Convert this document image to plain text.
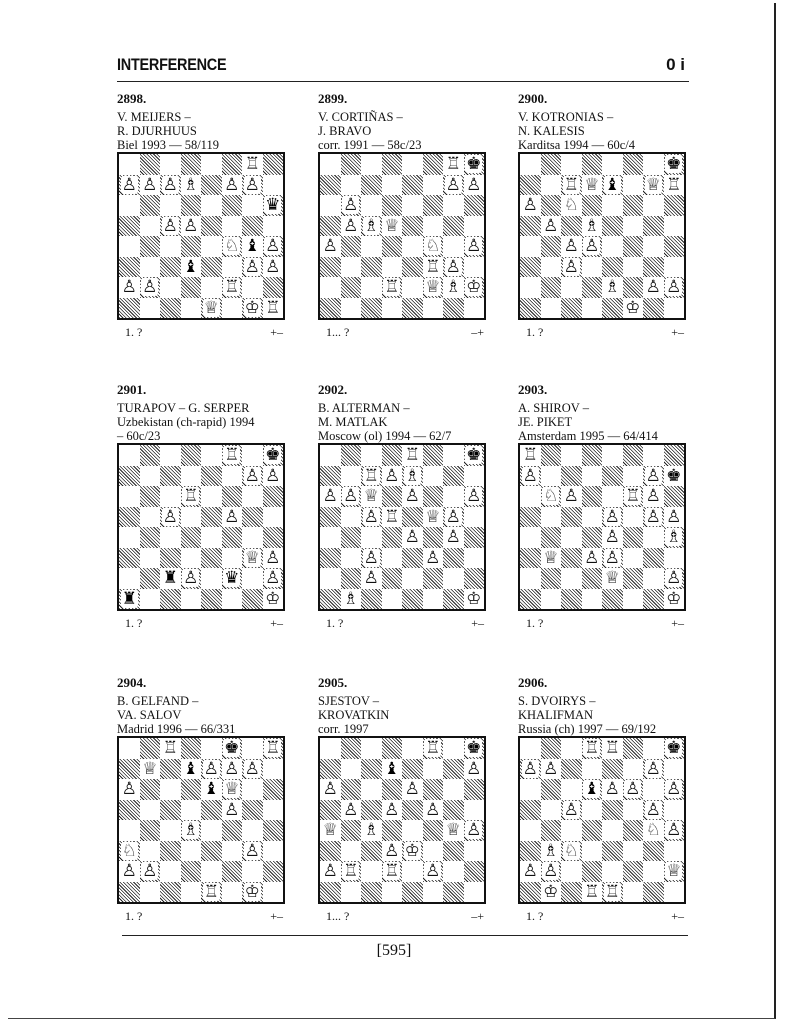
INTERFERENCE	0 i
2898.
V. MEIJERS –
R. DJURHUUS
Biel 1993 — 58/119
♖
♙ ♙ ♙ ♗ ♙ ♙
♛
♙ ♙
♘ ♝ ♙
♝	♙ ♙
♙ ♙	♖
♕ ♔ ♖
1. ?	+–
2899.
V. CORTIÑAS –
J. BRAVO
corr. 1991 — 58c/23
♖ ♚
♙ ♙
♙
♙ ♗ ♕
♙	♘ ♙
♖ ♙
♖ ♕ ♗ ♔
1... ?	–+
2900.
V. KOTRONIAS –
N. KALESIS
Karditsa 1994 — 60c/4
♚
♖ ♕ ♝ ♕ ♖
♙ ♘
♙ ♗
♙ ♙
♙
♗ ♙ ♙
♔
1. ?	+–
2901.
TURAPOV – G. SERPER
Uzbekistan (ch-rapid) 1994
– 60c/23
♖ ♚
♙ ♙
♖
♙	♙
♕ ♙
♜ ♙ ♛ ♙
♜	♔
1. ?	+–
2902.
B. ALTERMAN –
M. MATLAK
Moscow (ol) 1994 — 62/7
♖	♚
♖ ♙ ♗
♙ ♙ ♕ ♙	♙
♙ ♖ ♕ ♙
♙ ♙
♙	♙
♙
♗	♔
1. ?	+–
2903.
A. SHIROV –
JE. PIKET
Amsterdam 1995 — 64/414
♖
♙	♙ ♚
♘ ♙	♖ ♙
♙ ♙ ♙
♙	♗
♕ ♙ ♙
♕	♙
♔
1. ?	+–
2904.
B. GELFAND –
VA. SALOV
Madrid 1996 — 66/331
♖	♚ ♖
♕ ♝ ♙ ♙ ♙
♙	♝ ♕
♙
♗
♘	♙
♙ ♙
♖ ♔
1. ?	+–
2905.
SJESTOV –
KROVATKIN
corr. 1997
♖ ♚
♝	♙
♙	♙
♙ ♙ ♙
♕ ♗	♕ ♙
♙ ♔
♙ ♖ ♖ ♙
1... ?	–+
2906.
S. DVOIRYS –
KHALIFMAN
Russia (ch) 1997 — 69/192
♖ ♖	♚
♙ ♙	♙
♝ ♙ ♙ ♙
♙	♙
♘ ♙
♗ ♘
♙ ♙	♕
♔ ♖ ♖
1. ?	+–
[595]
